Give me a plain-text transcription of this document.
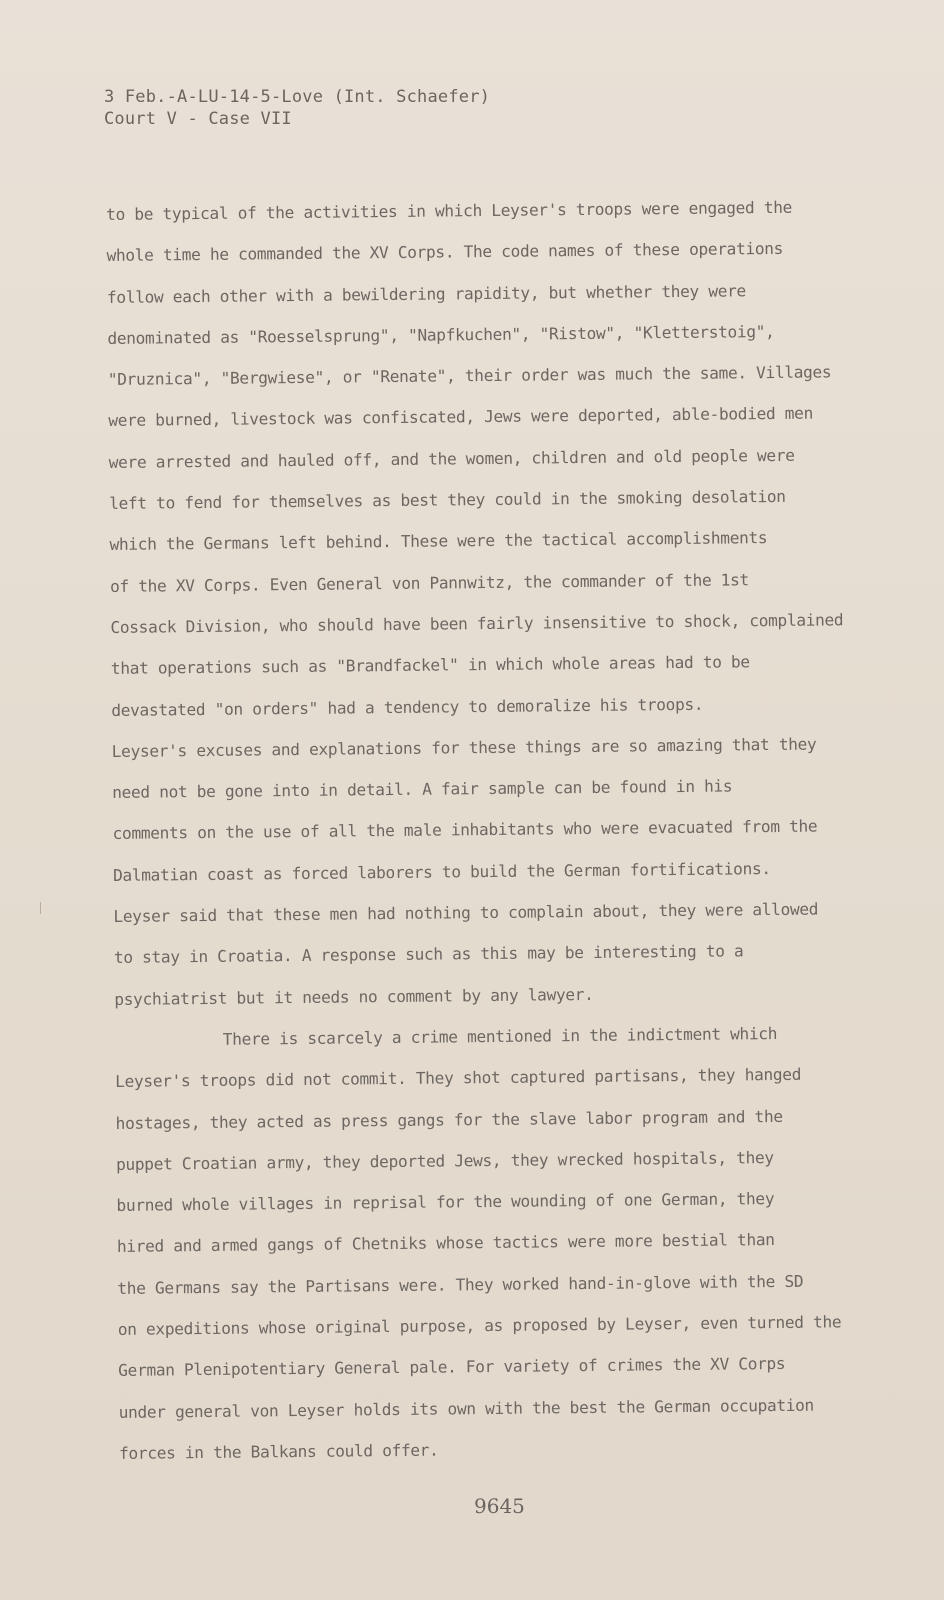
3 Feb.-A-LU-14-5-Love (Int. Schaefer)
Court V - Case VII
to be typical of the activities in which Leyser's troops were engaged the
whole time he commanded the XV Corps. The code names of these operations
follow each other with a bewildering rapidity, but whether they were
denominated as "Roesselsprung", "Napfkuchen", "Ristow", "Kletterstoig",
"Druznica", "Bergwiese", or "Renate", their order was much the same. Villages
were burned, livestock was confiscated, Jews were deported, able-bodied men
were arrested and hauled off, and the women, children and old people were
left to fend for themselves as best they could in the smoking desolation
which the Germans left behind. These were the tactical accomplishments
of the XV Corps. Even General von Pannwitz, the commander of the 1st
Cossack Division, who should have been fairly insensitive to shock, complained
that operations such as "Brandfackel" in which whole areas had to be
devastated "on orders" had a tendency to demoralize his troops.
Leyser's excuses and explanations for these things are so amazing that they
need not be gone into in detail. A fair sample can be found in his
comments on the use of all the male inhabitants who were evacuated from the
Dalmatian coast as forced laborers to build the German fortifications.
Leyser said that these men had nothing to complain about, they were allowed
to stay in Croatia. A response such as this may be interesting to a
psychiatrist but it needs no comment by any lawyer.
There is scarcely a crime mentioned in the indictment which
Leyser's troops did not commit. They shot captured partisans, they hanged
hostages, they acted as press gangs for the slave labor program and the
puppet Croatian army, they deported Jews, they wrecked hospitals, they
burned whole villages in reprisal for the wounding of one German, they
hired and armed gangs of Chetniks whose tactics were more bestial than
the Germans say the Partisans were. They worked hand-in-glove with the SD
on expeditions whose original purpose, as proposed by Leyser, even turned the
German Plenipotentiary General pale. For variety of crimes the XV Corps
under general von Leyser holds its own with the best the German occupation
forces in the Balkans could offer.
9645
